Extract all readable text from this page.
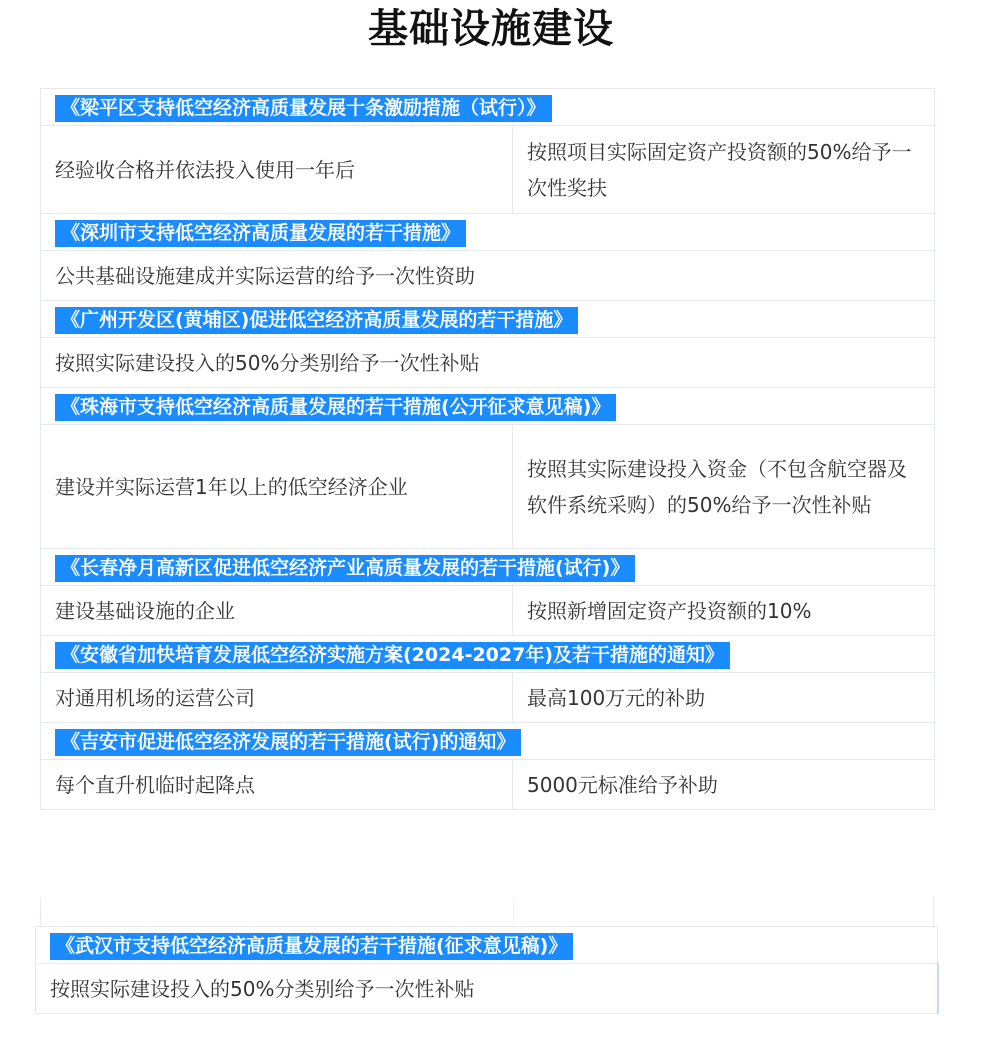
基础设施建设
《梁平区支持低空经济高质量发展十条激励措施（试行）》	
经验收合格并依法投入使用一年后	按照项目实际固定资产投资额的50%给予一次性奖扶
《深圳市支持低空经济高质量发展的若干措施》	
公共基础设施建成并实际运营的给予一次性资助	
《广州开发区(黄埔区)促进低空经济高质量发展的若干措施》	
按照实际建设投入的50%分类别给予一次性补贴	
《珠海市支持低空经济高质量发展的若干措施(公开征求意见稿)》	
建设并实际运营1年以上的低空经济企业	按照其实际建设投入资金（不包含航空器及软件系统采购）的50%给予一次性补贴
《长春净月高新区促进低空经济产业高质量发展的若干措施(试行)》	
建设基础设施的企业	按照新增固定资产投资额的10%
《安徽省加快培育发展低空经济实施方案(2024-2027年)及若干措施的通知》	
对通用机场的运营公司	最高100万元的补助
《吉安市促进低空经济发展的若干措施(试行)的通知》	
每个直升机临时起降点	5000元标准给予补助
《武汉市支持低空经济高质量发展的若干措施(征求意见稿)》
按照实际建设投入的50%分类别给予一次性补贴
